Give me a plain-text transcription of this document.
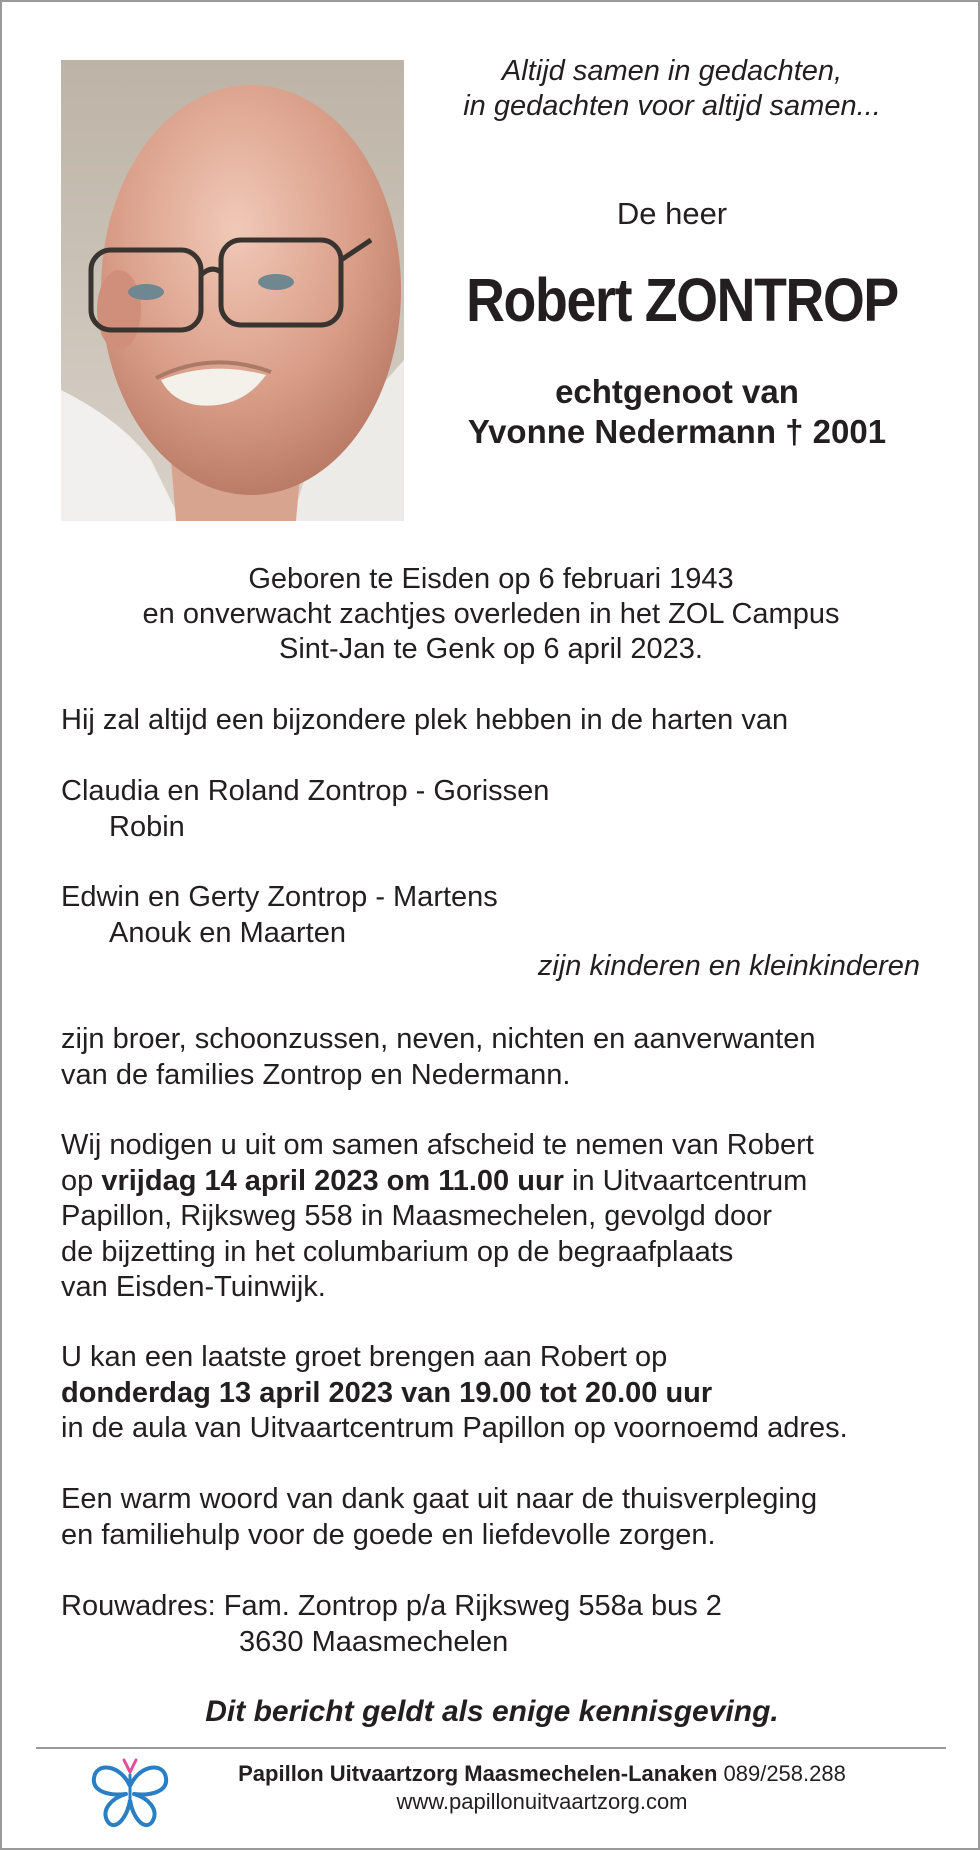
Altijd samen in gedachten,
in gedachten voor altijd samen...
De heer
Robert ZONTROP
echtgenoot van
Yvonne Nedermann † 2001
Geboren te Eisden op 6 februari 1943
en onverwacht zachtjes overleden in het ZOL Campus
Sint-Jan te Genk op 6 april 2023.
Hij zal altijd een bijzondere plek hebben in de harten van
Claudia en Roland Zontrop - Gorissen
Robin
Edwin en Gerty Zontrop - Martens
Anouk en Maarten
zijn kinderen en kleinkinderen
zijn broer, schoonzussen, neven, nichten en aanverwanten
van de families Zontrop en Nedermann.
Wij nodigen u uit om samen afscheid te nemen van Robert
op vrijdag 14 april 2023 om 11.00 uur in Uitvaartcentrum
Papillon, Rijksweg 558 in Maasmechelen, gevolgd door
de bijzetting in het columbarium op de begraafplaats
van Eisden-Tuinwijk.
U kan een laatste groet brengen aan Robert op
donderdag 13 april 2023 van 19.00 tot 20.00 uur
in de aula van Uitvaartcentrum Papillon op voornoemd adres.
Een warm woord van dank gaat uit naar de thuisverpleging
en familiehulp voor de goede en liefdevolle zorgen.
Rouwadres: Fam. Zontrop p/a Rijksweg 558a bus 2
3630 Maasmechelen
Dit bericht geldt als enige kennisgeving.
Papillon Uitvaartzorg Maasmechelen-Lanaken 089/258.288
www.papillonuitvaartzorg.com
